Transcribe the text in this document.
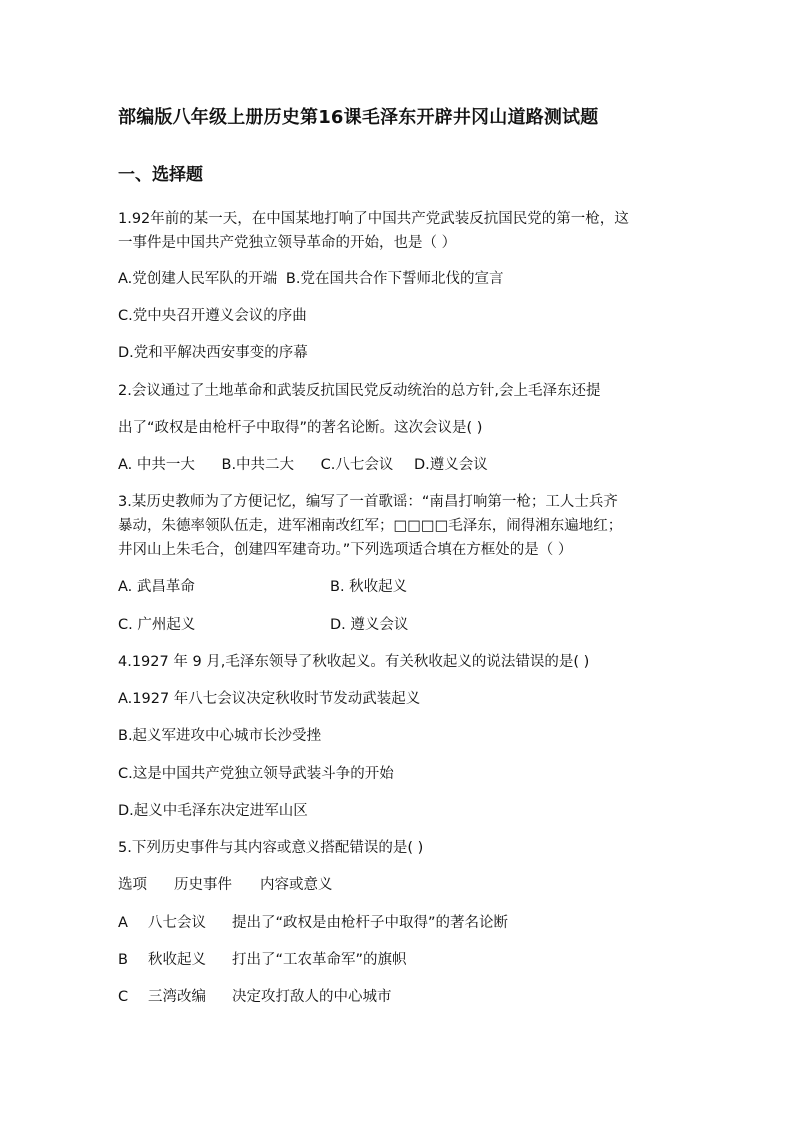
部编版八年级上册历史第16课毛泽东开辟井冈山道路测试题
一、选择题
1.92年前的某一天，在中国某地打响了中国共产党武装反抗国民党的第一枪，这
一事件是中国共产党独立领导革命的开始，也是（ ）
A.党创建人民军队的开端 B.党在国共合作下誓师北伐的宣言
C.党中央召开遵义会议的序曲
D.党和平解决西安事变的序幕
2.会议通过了土地革命和武装反抗国民党反动统治的总方针,会上毛泽东还提
出了“政权是由枪杆子中取得”的著名论断。这次会议是( )
A. 中共一大 B.中共二大 C.八七会议 D.遵义会议
3.某历史教师为了方便记忆，编写了一首歌谣：“南昌打响第一枪；工人士兵齐
暴动，朱德率领队伍走，进军湘南改红军；□□□□毛泽东，闹得湘东遍地红；
井冈山上朱毛合，创建四军建奇功。”下列选项适合填在方框处的是（ ）
A. 武昌革命	B. 秋收起义
C. 广州起义	D. 遵义会议
4.1927 年 9 月,毛泽东领导了秋收起义。有关秋收起义的说法错误的是( )
A.1927 年八七会议决定秋收时节发动武装起义
B.起义军进攻中心城市长沙受挫
C.这是中国共产党独立领导武装斗争的开始
D.起义中毛泽东决定进军山区
5.下列历史事件与其内容或意义搭配错误的是( )
选项 历史事件 内容或意义
A 八七会议 提出了“政权是由枪杆子中取得”的著名论断
B 秋收起义 打出了“工农革命军”的旗帜
C 三湾改编 决定攻打敌人的中心城市
